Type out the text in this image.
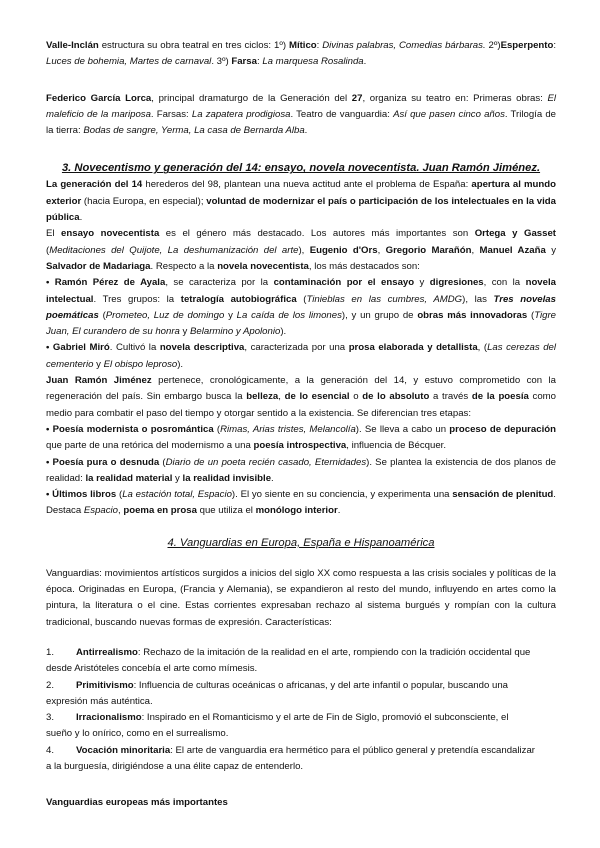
Valle-Inclán estructura su obra teatral en tres ciclos: 1º) Mítico: Divinas palabras, Comedias bárbaras. 2º)Esperpento: Luces de bohemia, Martes de carnaval. 3º) Farsa: La marquesa Rosalinda.

Federico García Lorca, principal dramaturgo de la Generación del 27, organiza su teatro en: Primeras obras: El maleficio de la mariposa. Farsas: La zapatera prodigiosa. Teatro de vanguardia: Así que pasen cinco años. Trilogía de la tierra: Bodas de sangre, Yerma, La casa de Bernarda Alba.

3. Novecentismo y generación del 14: ensayo, novela novecentista. Juan Ramón Jiménez.

La generación del 14 herederos del 98, plantean una nueva actitud ante el problema de España: apertura al mundo exterior (hacia Europa, en especial); voluntad de modernizar el país o participación de los intelectuales en la vida pública.

El ensayo novecentista es el género más destacado. Los autores más importantes son Ortega y Gasset (Meditaciones del Quijote, La deshumanización del arte), Eugenio d'Ors, Gregorio Marañón, Manuel Azaña y Salvador de Madariaga. Respecto a la novela novecentista, los más destacados son:

• Ramón Pérez de Ayala, se caracteriza por la contaminación por el ensayo y digresiones, con la novela intelectual. Tres grupos: la tetralogía autobiográfica (Tinieblas en las cumbres, AMDG), las Tres novelas poemáticas (Prometeo, Luz de domingo y La caída de los limones), y un grupo de obras más innovadoras (Tigre Juan, El curandero de su honra y Belarmino y Apolonio).

• Gabriel Miró. Cultivó la novela descriptiva, caracterizada por una prosa elaborada y detallista, (Las cerezas del cementerio y El obispo leproso).

Juan Ramón Jiménez pertenece, cronológicamente, a la generación del 14, y estuvo comprometido con la regeneración del país. Sin embargo busca la belleza, de lo esencial o de lo absoluto a través de la poesía como medio para combatir el paso del tiempo y otorgar sentido a la existencia. Se diferencian tres etapas:

• Poesía modernista o posromántica (Rimas, Arias tristes, Melancolía). Se lleva a cabo un proceso de depuración que parte de una retórica del modernismo a una poesía introspectiva, influencia de Bécquer.

• Poesía pura o desnuda (Diario de un poeta recién casado, Eternidades). Se plantea la existencia de dos planos de realidad: la realidad material y la realidad invisible.

• Últimos libros (La estación total, Espacio). El yo siente en su conciencia, y experimenta una sensación de plenitud. Destaca Espacio, poema en prosa que utiliza el monólogo interior.

4. Vanguardias en Europa, España e Hispanoamérica

Vanguardias: movimientos artísticos surgidos a inicios del siglo XX como respuesta a las crisis sociales y políticas de la época. Originadas en Europa, (Francia y Alemania), se expandieron al resto del mundo, influyendo en artes como la pintura, la literatura o el cine. Estas corrientes expresaban rechazo al sistema burgués y rompían con la cultura tradicional, buscando nuevas formas de expresión. Características:

1.	Antirrealismo: Rechazo de la imitación de la realidad en el arte, rompiendo con la tradición occidental que
desde Aristóteles concebía el arte como mímesis.
2.	Primitivismo: Influencia de culturas oceánicas o africanas, y del arte infantil o popular, buscando una
expresión más auténtica.
3.	Irracionalismo: Inspirado en el Romanticismo y el arte de Fin de Siglo, promovió el subconsciente, el
sueño y lo onírico, como en el surrealismo.
4.	Vocación minoritaria: El arte de vanguardia era hermético para el público general y pretendía escandalizar
a la burguesía, dirigiéndose a una élite capaz de entenderlo.

Vanguardias europeas más importantes
